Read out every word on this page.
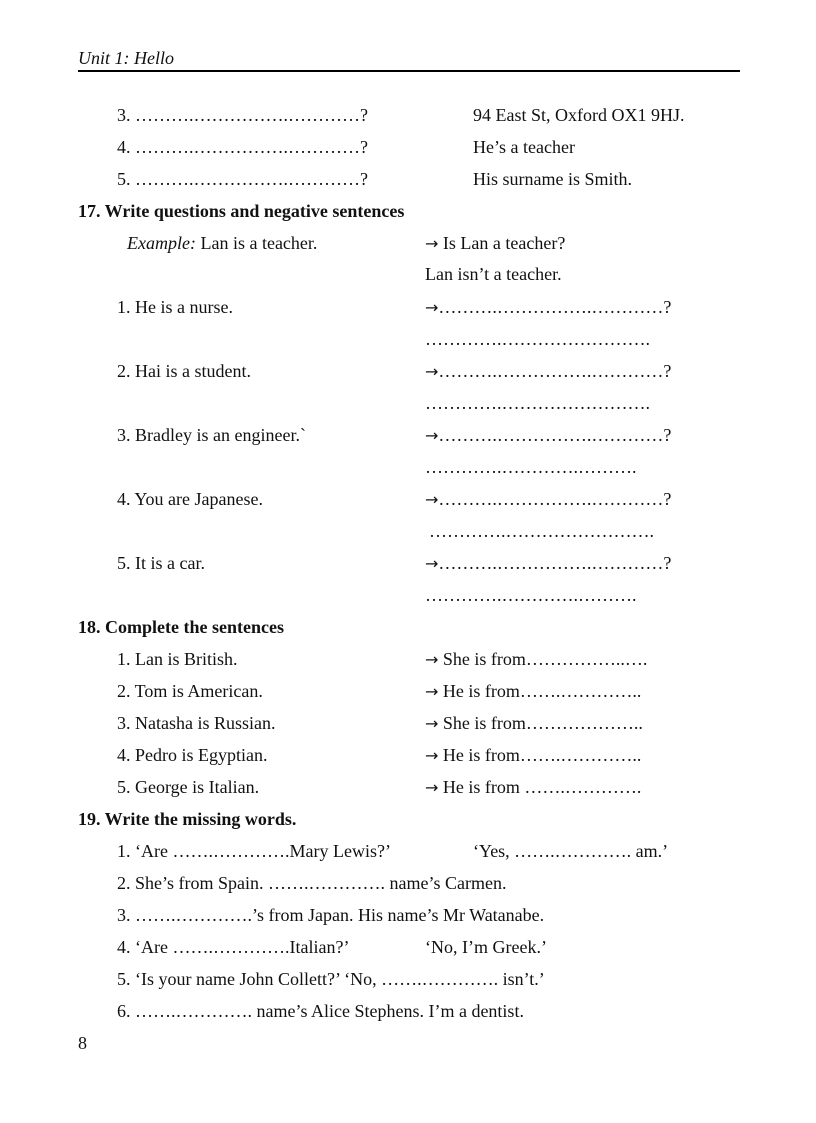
Unit 1: Hello
3. ……….…………….…………?	94 East St, Oxford OX1 9HJ.
4. ……….…………….…………?	He’s a teacher
5. ……….…………….…………?	His surname is Smith.
17. Write questions and negative sentences
Example: Lan is a teacher.	→ Is Lan a teacher?
Lan isn’t a teacher.
1. He is a nurse.	→……….…………….…………?
………….…………………….
2. Hai is a student.	→……….…………….…………?
………….…………………….
3. Bradley is an engineer.`	→……….…………….…………?
………….………….……….
4. You are Japanese.	→……….…………….…………?
………….…………………….
5. It is a car.	→……….…………….…………?
………….………….……….
18. Complete the sentences
1. Lan is British.	→ She is from……………..….
2. Tom is American.	→ He is from…….…………..
3. Natasha is Russian.	→ She is from………………..
4. Pedro is Egyptian.	→ He is from…….…………..
5. George is Italian.	→ He is from …….………….
19. Write the missing words.
1. ‘Are …….………….Mary Lewis?’	‘Yes, …….…………. am.’
2. She’s from Spain. …….…………. name’s Carmen.
3. …….………….’s from Japan. His name’s Mr Watanabe.
4. ‘Are …….………….Italian?’	‘No, I’m Greek.’
5. ‘Is your name John Collett?’ ‘No, …….…………. isn’t.’
6. …….…………. name’s Alice Stephens. I’m a dentist.
8
